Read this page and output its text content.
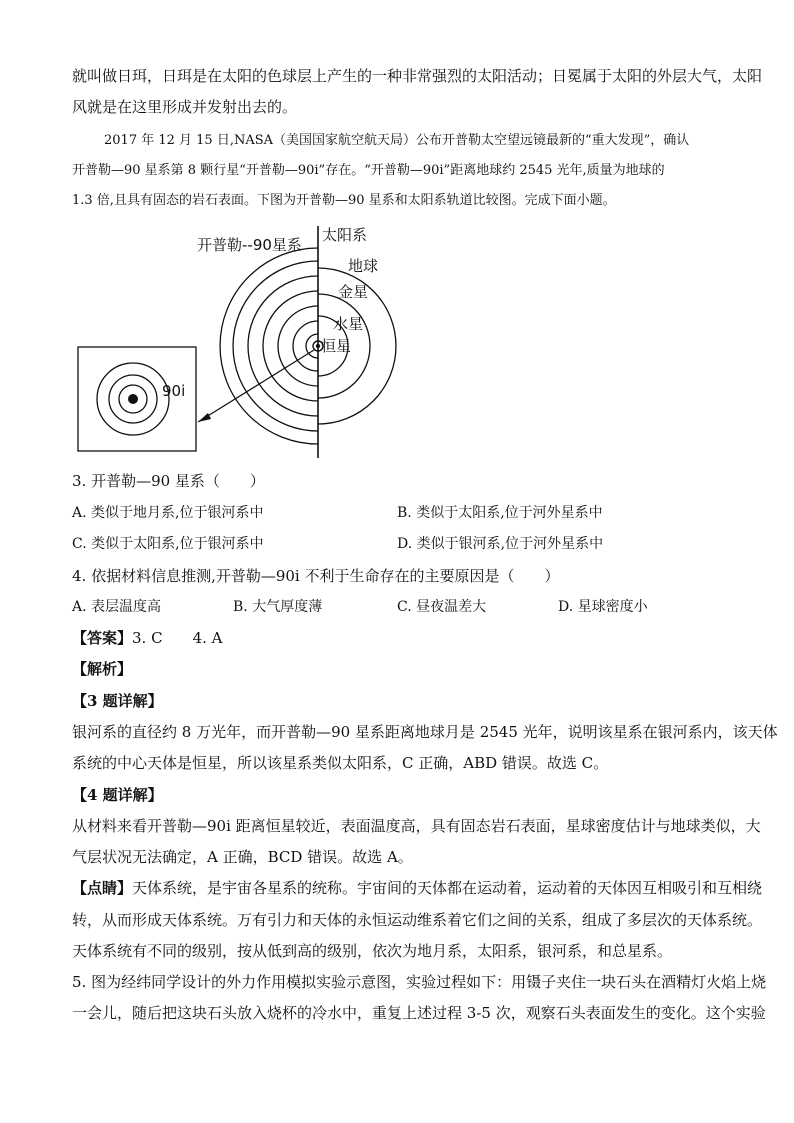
就叫做日珥，日珥是在太阳的色球层上产生的一种非常强烈的太阳活动；日冕属于太阳的外层大气，太阳
风就是在这里形成并发射出去的。
2017 年 12 月 15 日,NASA（美国国家航空航天局）公布开普勒太空望远镜最新的“重大发现”，确认
开普勒—90 星系第 8 颗行星“开普勒—90i”存在。“开普勒—90i”距离地球约 2545 光年,质量为地球的
1.3 倍,且具有固态的岩石表面。下图为开普勒—90 星系和太阳系轨道比较图。完成下面小题。
开普勒--90星系
太阳系
地球
金星
水星
恒星
90i
3. 开普勒—90 星系（　　）
A. 类似于地月系,位于银河系中	B. 类似于太阳系,位于河外星系中
C. 类似于太阳系,位于银河系中	D. 类似于银河系,位于河外星系中
4. 依据材料信息推测,开普勒—90i 不利于生命存在的主要原因是（　　）
A. 表层温度高	B. 大气厚度薄	C. 昼夜温差大	D. 星球密度小
【答案】3. C　　4. A
【解析】
【3 题详解】
银河系的直径约 8 万光年，而开普勒—90 星系距离地球月是 2545 光年，说明该星系在银河系内，该天体
系统的中心天体是恒星，所以该星系类似太阳系，C 正确，ABD 错误。故选 C。
【4 题详解】
从材料来看开普勒—90i 距离恒星较近，表面温度高，具有固态岩石表面，星球密度估计与地球类似，大
气层状况无法确定，A 正确，BCD 错误。故选 A。
【点睛】天体系统，是宇宙各星系的统称。宇宙间的天体都在运动着，运动着的天体因互相吸引和互相绕
转，从而形成天体系统。万有引力和天体的永恒运动维系着它们之间的关系，组成了多层次的天体系统。
天体系统有不同的级别，按从低到高的级别，依次为地月系，太阳系，银河系，和总星系。
5. 图为经纬同学设计的外力作用模拟实验示意图，实验过程如下：用镊子夹住一块石头在酒精灯火焰上烧
一会儿，随后把这块石头放入烧杯的冷水中，重复上述过程 3-5 次，观察石头表面发生的变化。这个实验
